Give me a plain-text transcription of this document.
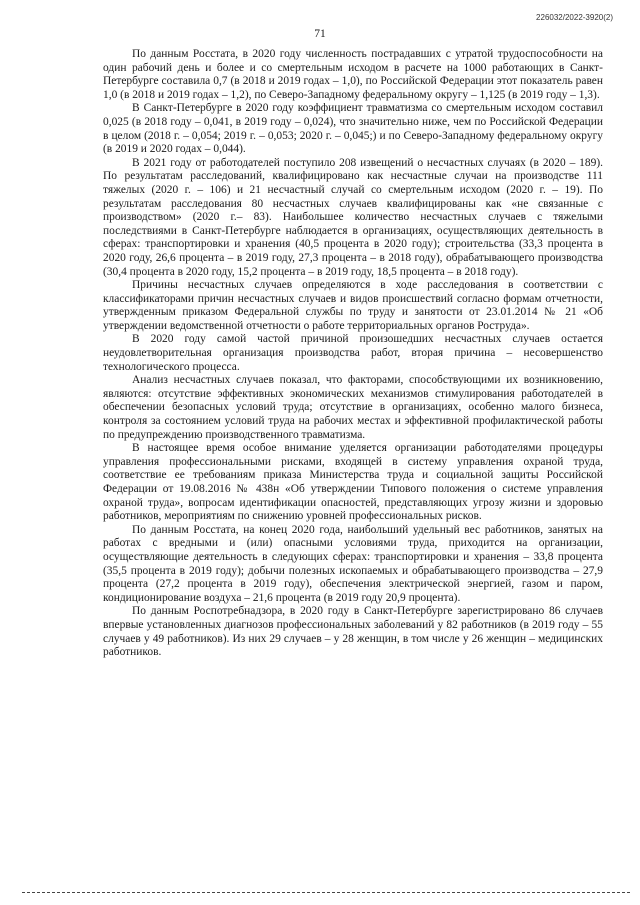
226032/2022-3920(2)
71

По данным Росстата, в 2020 году численность пострадавших с утратой трудоспособности на один рабочий день и более и со смертельным исходом в расчете на 1000 работающих в Санкт-Петербурге составила 0,7 (в 2018 и 2019 годах – 1,0), по Российской Федерации этот показатель равен 1,0 (в 2018 и 2019 годах – 1,2), по Северо-Западному федеральному округу – 1,125 (в 2019 году – 1,3).

В Санкт-Петербурге в 2020 году коэффициент травматизма со смертельным исходом составил 0,025 (в 2018 году – 0,041, в 2019 году – 0,024), что значительно ниже, чем по Российской Федерации в целом (2018 г. – 0,054; 2019 г. – 0,053; 2020 г. – 0,045;) и по Северо-Западному федеральному округу (в 2019 и 2020 годах – 0,044).

В 2021 году от работодателей поступило 208 извещений о несчастных случаях (в 2020 – 189). По результатам расследований, квалифицировано как несчастные случаи на производстве 111 тяжелых (2020 г. – 106) и 21 несчастный случай со смертельным исходом (2020 г. – 19). По результатам расследования 80 несчастных случаев квалифицированы как «не связанные с производством» (2020 г.– 83). Наибольшее количество несчастных случаев с тяжелыми последствиями в Санкт-Петербурге наблюдается в организациях, осуществляющих деятельность в сферах: транспортировки и хранения (40,5 процента в 2020 году); строительства (33,3 процента в 2020 году, 26,6 процента – в 2019 году, 27,3 процента – в 2018 году), обрабатывающего производства (30,4 процента в 2020 году, 15,2 процента – в 2019 году, 18,5 процента – в 2018 году).

Причины несчастных случаев определяются в ходе расследования в соответствии с классификаторами причин несчастных случаев и видов происшествий согласно формам отчетности, утвержденным приказом Федеральной службы по труду и занятости от 23.01.2014 № 21 «Об утверждении ведомственной отчетности о работе территориальных органов Роструда».

В 2020 году самой частой причиной произошедших несчастных случаев остается неудовлетворительная организация производства работ, вторая причина – несовершенство технологического процесса.

Анализ несчастных случаев показал, что факторами, способствующими их возникновению, являются: отсутствие эффективных экономических механизмов стимулирования работодателей в обеспечении безопасных условий труда; отсутствие в организациях, особенно малого бизнеса, контроля за состоянием условий труда на рабочих местах и эффективной профилактической работы по предупреждению производственного травматизма.

В настоящее время особое внимание уделяется организации работодателями процедуры управления профессиональными рисками, входящей в систему управления охраной труда, соответствие ее требованиям приказа Министерства труда и социальной защиты Российской Федерации от 19.08.2016 № 438н «Об утверждении Типового положения о системе управления охраной труда», вопросам идентификации опасностей, представляющих угрозу жизни и здоровью работников, мероприятиям по снижению уровней профессиональных рисков.

По данным Росстата, на конец 2020 года, наибольший удельный вес работников, занятых на работах с вредными и (или) опасными условиями труда, приходится на организации, осуществляющие деятельность в следующих сферах: транспортировки и хранения – 33,8 процента (35,5 процента в 2019 году); добычи полезных ископаемых и обрабатывающего производства – 27,9 процента (27,2 процента в 2019 году), обеспечения электрической энергией, газом и паром, кондиционирование воздуха – 21,6 процента (в 2019 году 20,9 процента).

По данным Роспотребнадзора, в 2020 году в Санкт-Петербурге зарегистрировано 86 случаев впервые установленных диагнозов профессиональных заболеваний у 82 работников (в 2019 году – 55 случаев у 49 работников). Из них 29 случаев – у 28 женщин, в том числе у 26 женщин – медицинских работников.
